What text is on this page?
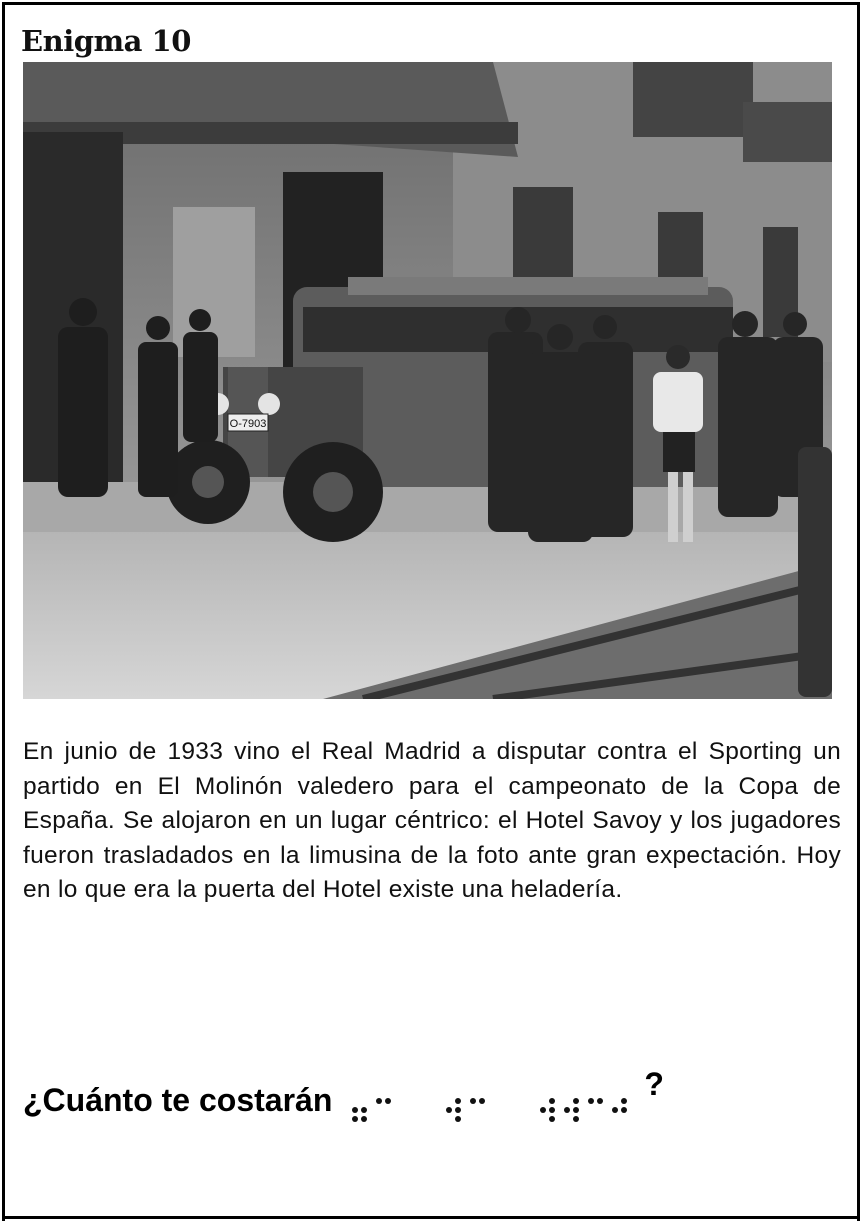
Enigma 10
O-7903
En junio de 1933 vino el Real Madrid a disputar contra el Sporting un partido en El Molinón valedero para el campeonato de la Copa de España. Se alojaron en un lugar céntrico: el Hotel Savoy y los jugadores fueron trasladados en la limusina de la foto ante gran expectación. Hoy en lo que era la puerta del Hotel existe una heladería.
¿Cuánto te costarán	?
